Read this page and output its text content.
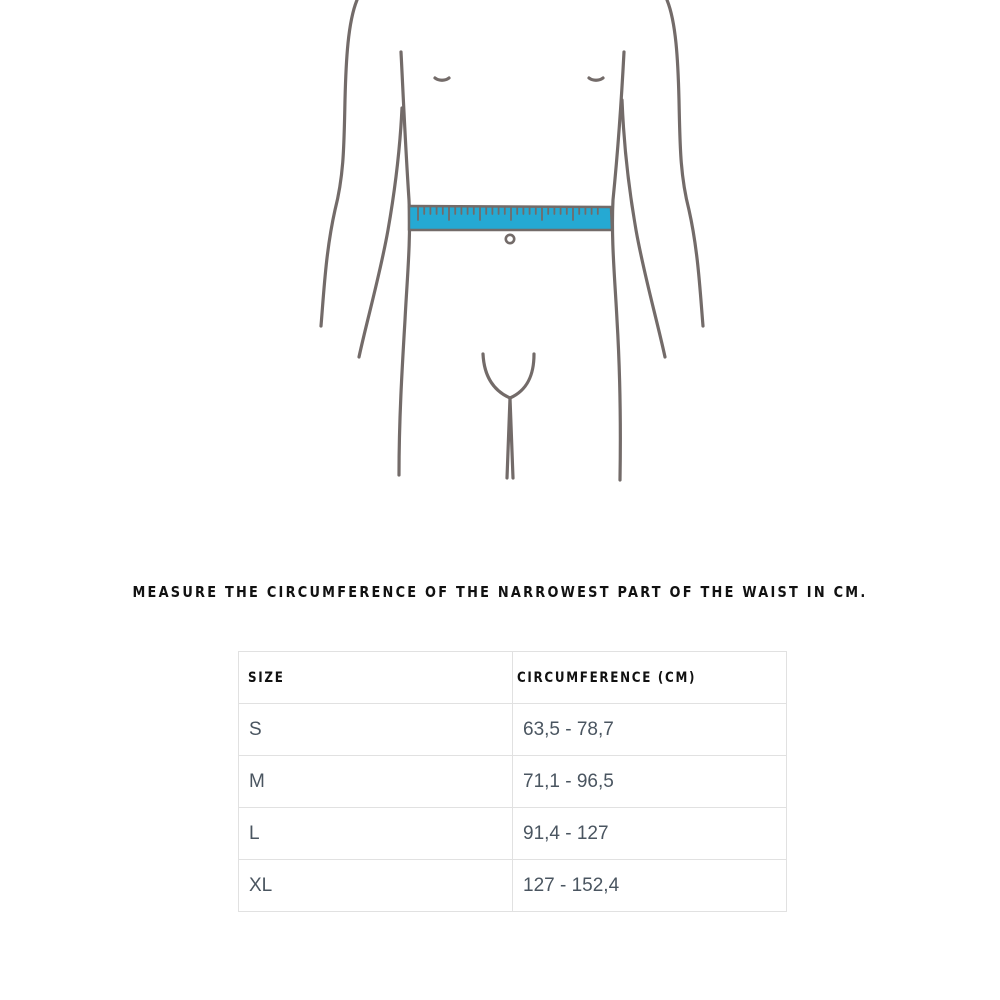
MEASURE THE CIRCUMFERENCE OF THE NARROWEST PART OF THE WAIST IN CM.
SIZE	CIRCUMFERENCE (CM)
S	63,5 - 78,7
M	71,1 - 96,5
L	91,4 - 127
XL	127 - 152,4
